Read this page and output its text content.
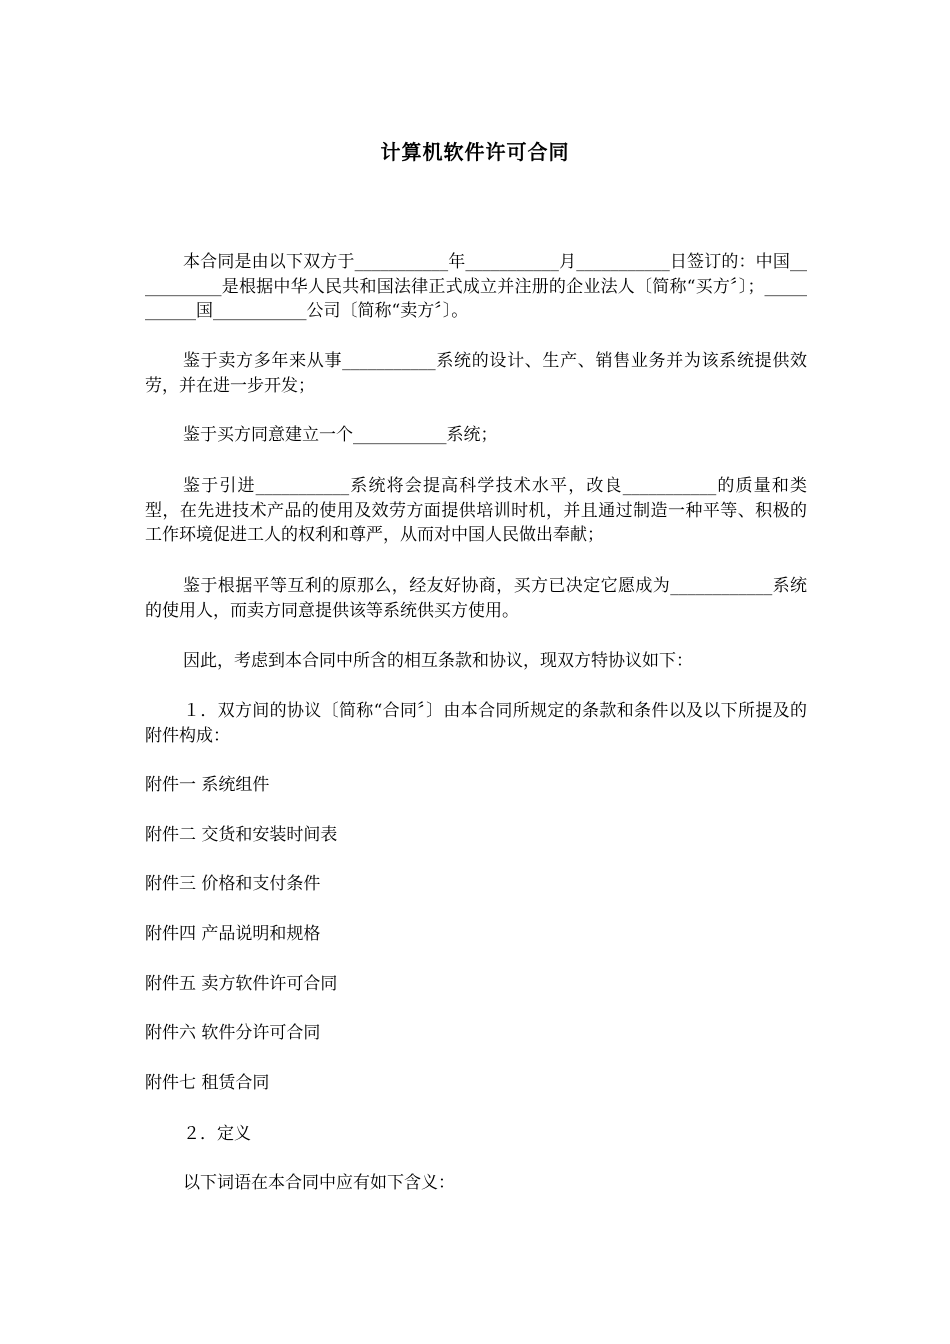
计算机软件许可合同

本合同是由以下双方于___________年___________月___________日签订的：中国___________是根据中华人民共和国法律正式成立并注册的企业法人〔简称“买方〞〕；___________国___________公司〔简称“卖方〞〕。

鉴于卖方多年来从事___________系统的设计、生产、销售业务并为该系统提供效劳，并在进一步开发；

鉴于买方同意建立一个___________系统；

鉴于引进___________系统将会提高科学技术水平，改良___________的质量和类型，在先进技术产品的使用及效劳方面提供培训时机，并且通过制造一种平等、积极的工作环境促进工人的权利和尊严，从而对中国人民做出奉献；

鉴于根据平等互利的原那么，经友好协商，买方已决定它愿成为____________系统的使用人，而卖方同意提供该等系统供买方使用。

因此，考虑到本合同中所含的相互条款和协议，现双方特协议如下：

１．双方间的协议〔简称“合同〞〕由本合同所规定的条款和条件以及以下所提及的附件构成：

附件一 系统组件
附件二 交货和安装时间表
附件三 价格和支付条件
附件四 产品说明和规格
附件五 卖方软件许可合同
附件六 软件分许可合同
附件七 租赁合同

２．定义

以下词语在本合同中应有如下含义：
